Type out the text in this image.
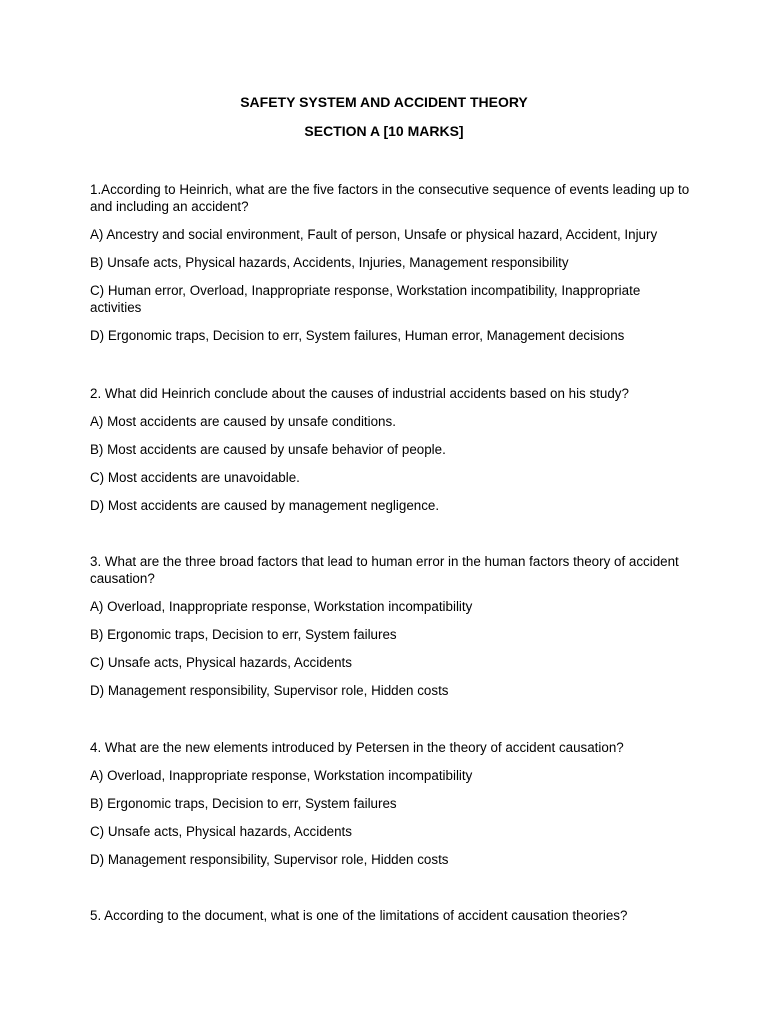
SAFETY SYSTEM AND ACCIDENT THEORY
SECTION A [10 MARKS]

1.According to Heinrich, what are the five factors in the consecutive sequence of events leading up to and including an accident?

A) Ancestry and social environment, Fault of person, Unsafe or physical hazard, Accident, Injury

B) Unsafe acts, Physical hazards, Accidents, Injuries, Management responsibility

C) Human error, Overload, Inappropriate response, Workstation incompatibility, Inappropriate activities

D) Ergonomic traps, Decision to err, System failures, Human error, Management decisions

2. What did Heinrich conclude about the causes of industrial accidents based on his study?

A) Most accidents are caused by unsafe conditions.

B) Most accidents are caused by unsafe behavior of people.

C) Most accidents are unavoidable.

D) Most accidents are caused by management negligence.

3. What are the three broad factors that lead to human error in the human factors theory of accident causation?

A) Overload, Inappropriate response, Workstation incompatibility

B) Ergonomic traps, Decision to err, System failures

C) Unsafe acts, Physical hazards, Accidents

D) Management responsibility, Supervisor role, Hidden costs

4. What are the new elements introduced by Petersen in the theory of accident causation?

A) Overload, Inappropriate response, Workstation incompatibility

B) Ergonomic traps, Decision to err, System failures

C) Unsafe acts, Physical hazards, Accidents

D) Management responsibility, Supervisor role, Hidden costs

5. According to the document, what is one of the limitations of accident causation theories?
